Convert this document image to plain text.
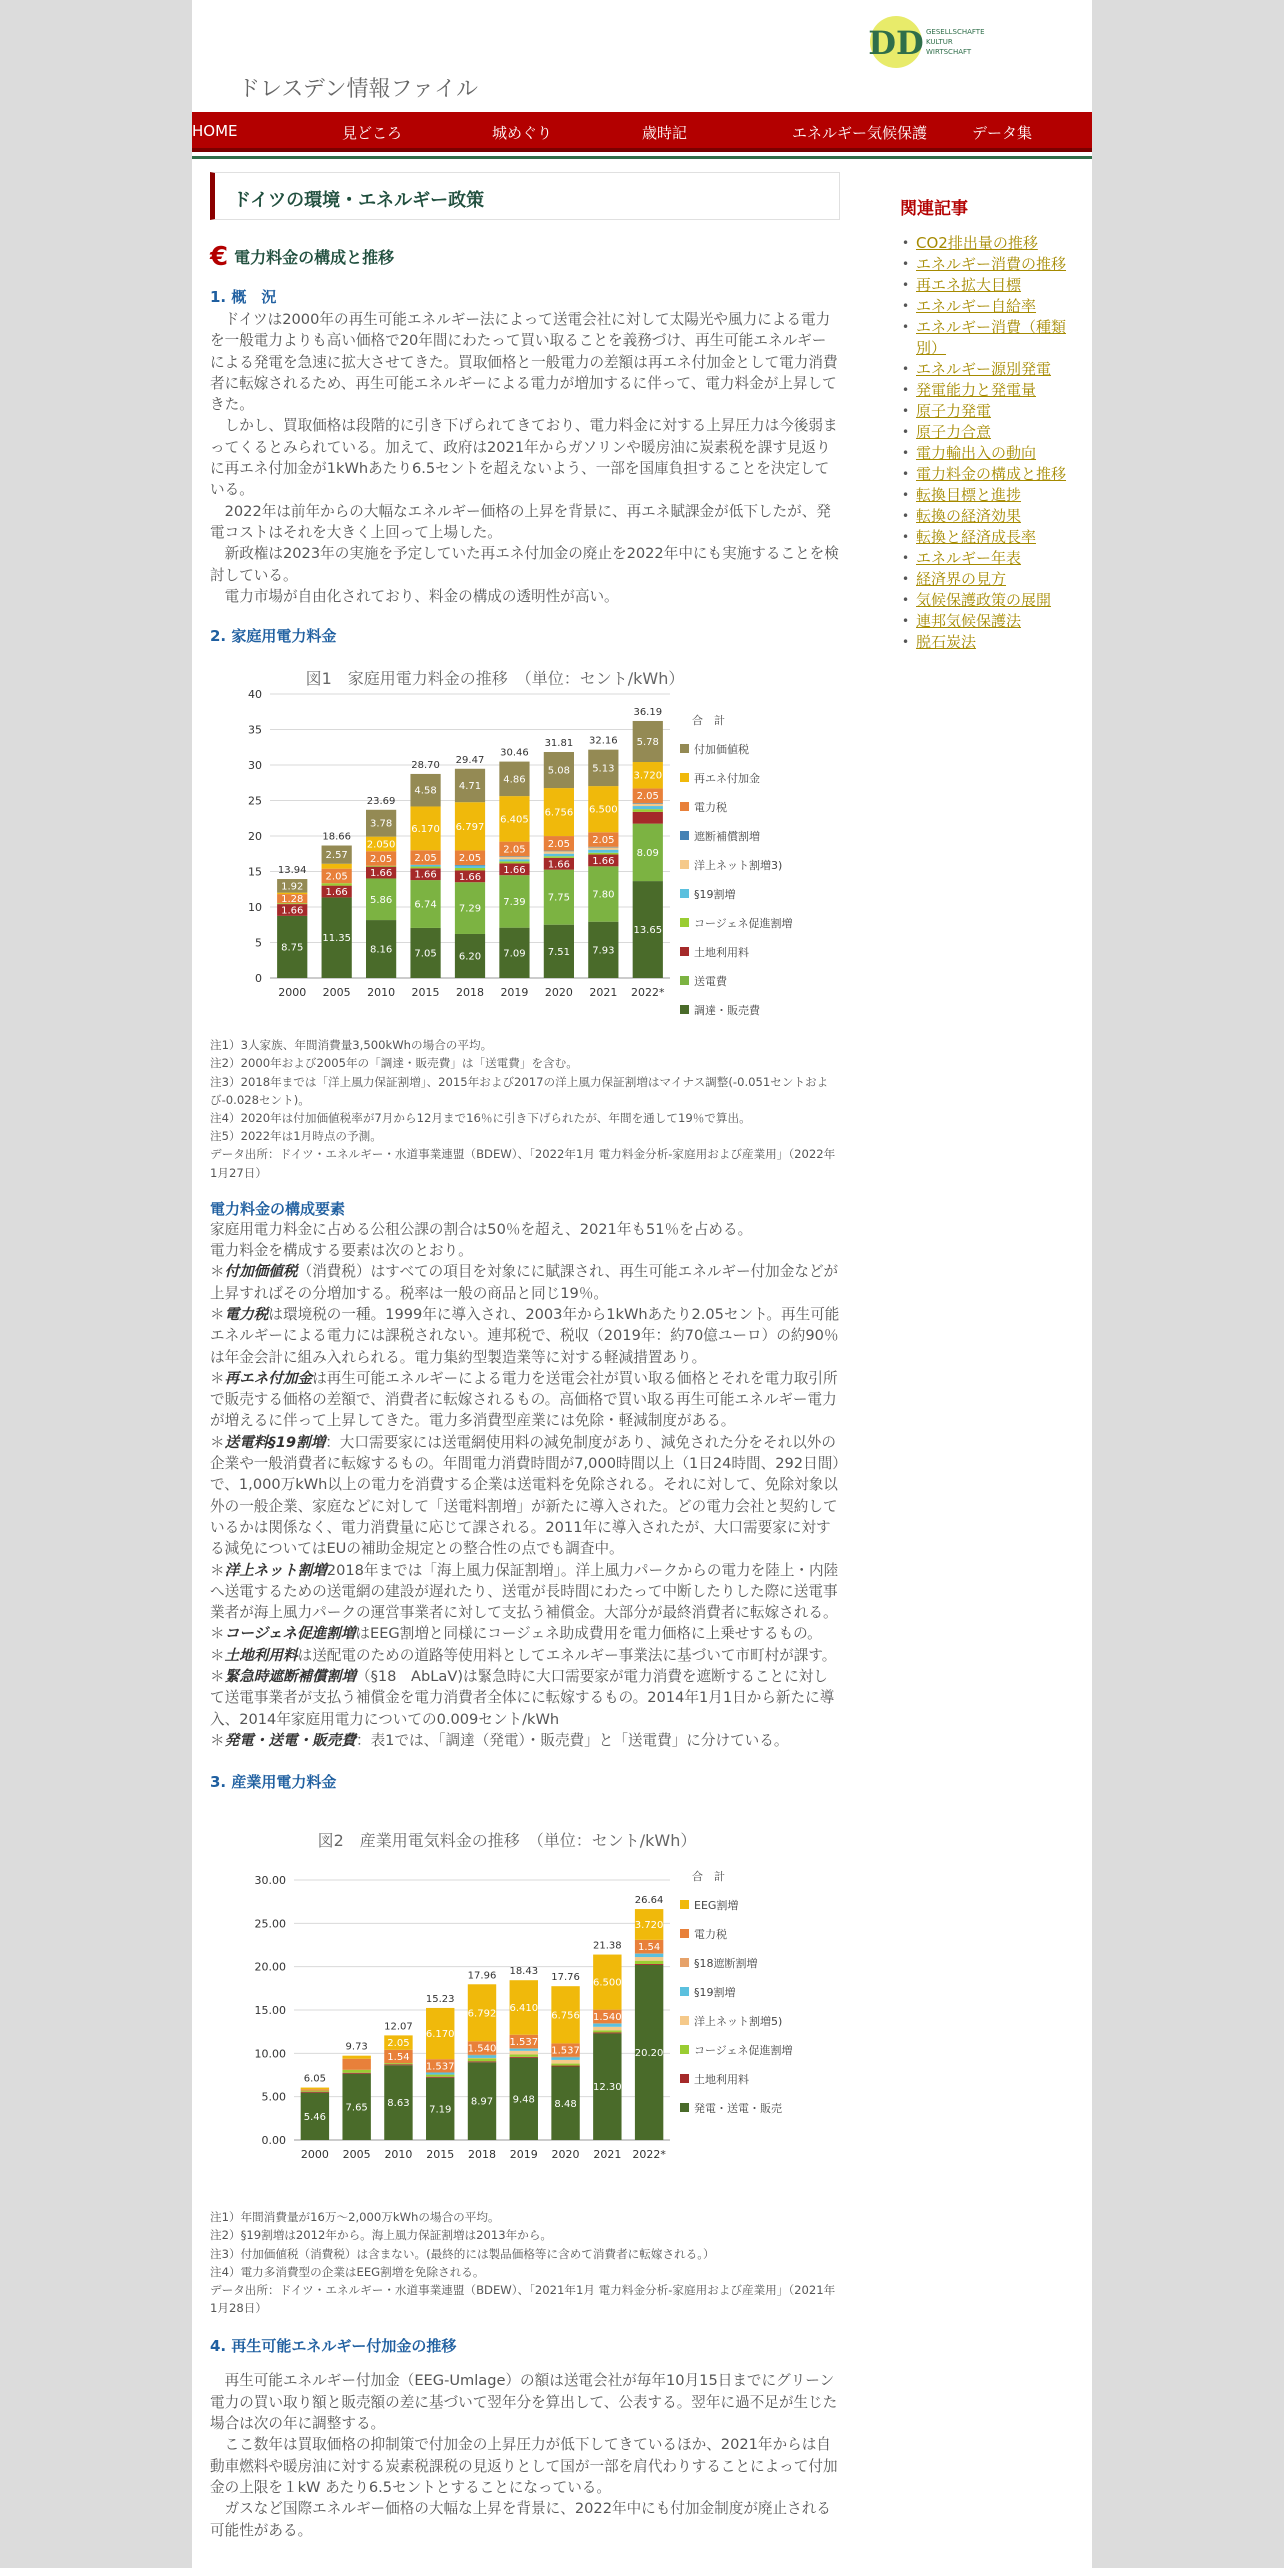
ドレスデン情報ファイル
DD GESELLSCHAFTE
KULTUR
WIRTSCHAFT
HOME	見どころ	城めぐり	歳時記	エネルギー気候保護	データ集
ドイツの環境・エネルギー政策
€ 電力料金の構成と推移
1. 概　況

ドイツは2000年の再生可能エネルギー法によって送電会社に対して太陽光や風力による電力を一般電力よりも高い価格で20年間にわたって買い取ることを義務づけ、再生可能エネルギーによる発電を急速に拡大させてきた。買取価格と一般電力の差額は再エネ付加金として電力消費者に転嫁されるため、再生可能エネルギーによる電力が増加するに伴って、電力料金が上昇してきた。

しかし、買取価格は段階的に引き下げられてきており、電力料金に対する上昇圧力は今後弱まってくるとみられている。加えて、政府は2021年からガソリンや暖房油に炭素税を課す見返りに再エネ付加金が1kWhあたり6.5セントを超えないよう、一部を国庫負担することを決定している。

2022年は前年からの大幅なエネルギー価格の上昇を背景に、再エネ賦課金が低下したが、発電コストはそれを大きく上回って上場した。

新政権は2023年の実施を予定していた再エネ付加金の廃止を2022年中にも実施することを検討している。

電力市場が自由化されており、料金の構成の透明性が高い。

2. 家庭用電力料金
図1　家庭用電力料金の推移　（単位：セント/kWh）
0
5
10
15
20
25
30
35
40
8.75
1.66
1.28
1.92
13.94
2000
11.35
1.66
2.05
2.57
18.66
2005
8.16
5.86
1.66
2.05
2.050
3.78
23.69
2010
7.05
6.74
1.66
2.05
6.170
4.58
28.70
2015
6.20
7.29
1.66
2.05
6.797
4.71
29.47
2018
7.09
7.39
1.66
2.05
6.405
4.86
30.46
2019
7.51
7.75
1.66
2.05
6.756
5.08
31.81
2020
7.93
7.80
1.66
2.05
6.500
5.13
32.16
2021
13.65
8.09
2.05
3.720
5.78
36.19
2022*
合　計
付加価値税
再エネ付加金
電力税
遮断補償割増
洋上ネット割増3)
§19割増
コージェネ促進割増
土地利用料
送電費
調達・販売費

注1）3人家族、年間消費量3,500kWhの場合の平均。

注2）2000年および2005年の「調達・販売費」は「送電費」を含む。

注3）2018年までは「洋上風力保証割増」、2015年および2017の洋上風力保証割増はマイナス調整(-0.051セントおよび-0.028セント)。

注4）2020年は付加価値税率が7月から12月まで16％に引き下げられたが、年間を通して19％で算出。

注5）2022年は1月時点の予測。

データ出所：ドイツ・エネルギー・水道事業連盟（BDEW）、「2022年1月 電力料金分析-家庭用および産業用」（2022年1月27日）

電力料金の構成要素

家庭用電力料金に占める公租公課の割合は50％を超え、2021年も51％を占める。

電力料金を構成する要素は次のとおり。

＊付加価値税（消費税）はすべての項目を対象にに賦課され、再生可能エネルギー付加金などが上昇すればその分増加する。税率は一般の商品と同じ19％。

＊電力税は環境税の一種。1999年に導入され、2003年から1kWhあたり2.05セント。再生可能エネルギーによる電力には課税されない。連邦税で、税収（2019年：約70億ユーロ）の約90％は年金会計に組み入れられる。電力集約型製造業等に対する軽減措置あり。

＊再エネ付加金は再生可能エネルギーによる電力を送電会社が買い取る価格とそれを電力取引所で販売する価格の差額で、消費者に転嫁されるもの。高価格で買い取る再生可能エネルギー電力が増えるに伴って上昇してきた。電力多消費型産業には免除・軽減制度がある。

＊送電料§19割増：大口需要家には送電網使用料の減免制度があり、減免された分をそれ以外の企業や一般消費者に転嫁するもの。年間電力消費時間が7,000時間以上（1日24時間、292日間）で、1,000万kWh以上の電力を消費する企業は送電料を免除される。それに対して、免除対象以外の一般企業、家庭などに対して「送電料割増」が新たに導入された。どの電力会社と契約しているかは関係なく、電力消費量に応じて課される。2011年に導入されたが、大口需要家に対する減免についてはEUの補助金規定との整合性の点でも調査中。

＊洋上ネット割増2018年までは「海上風力保証割増」。洋上風力パークからの電力を陸上・内陸へ送電するための送電網の建設が遅れたり、送電が長時間にわたって中断したりした際に送電事業者が海上風力パークの運営事業者に対して支払う補償金。大部分が最終消費者に転嫁される。

＊コージェネ促進割増はEEG割増と同様にコージェネ助成費用を電力価格に上乗せするもの。

＊土地利用料は送配電のための道路等使用料としてエネルギー事業法に基づいて市町村が課す。

＊緊急時遮断補償割増（§18　AbLaV)は緊急時に大口需要家が電力消費を遮断することに対して送電事業者が支払う補償金を電力消費者全体にに転嫁するもの。2014年1月1日から新たに導入、2014年家庭用電力についての0.009セント/kWh

＊発電・送電・販売費：表1では、「調達（発電）・販売費」と「送電費」に分けている。

3. 産業用電力料金
図2　産業用電気料金の推移　（単位：セント/kWh）
0.00
5.00
10.00
15.00
20.00
25.00
30.00
5.46
6.05
2000
7.65
9.73
2005
8.63
1.54
2.05
12.07
2010
7.19
1.537
6.170
15.23
2015
8.97
1.540
6.792
17.96
2018
9.48
1.537
6.410
18.43
2019
8.48
1.537
6.756
17.76
2020
12.30
1.540
6.500
21.38
2021
20.20
1.54
3.720
26.64
2022*
合　計
EEG割増
電力税
§18遮断割増
§19割増
洋上ネット割増5)
コージェネ促進割増
土地利用料
発電・送電・販売

注1）年間消費量が16万～2,000万kWhの場合の平均。

注2）§19割増は2012年から。海上風力保証割増は2013年から。

注3）付加価値税（消費税）は含まない。(最終的には製品価格等に含めて消費者に転嫁される。）

注4）電力多消費型の企業はEEG割増を免除される。

データ出所：ドイツ・エネルギー・水道事業連盟（BDEW）、「2021年1月 電力料金分析-家庭用および産業用」（2021年1月28日）

4. 再生可能エネルギー付加金の推移

再生可能エネルギー付加金（EEG-Umlage）の額は送電会社が毎年10月15日までにグリーン電力の買い取り額と販売額の差に基づいて翌年分を算出して、公表する。翌年に過不足が生じた場合は次の年に調整する。

ここ数年は買取価格の抑制策で付加金の上昇圧力が低下してきているほか、2021年からは自動車燃料や暖房油に対する炭素税課税の見返りとして国が一部を肩代わりすることによって付加金の上限を１kW あたり6.5セントとすることになっている。

ガスなど国際エネルギー価格の大幅な上昇を背景に、2022年中にも付加金制度が廃止される可能性がある。

関連記事
• CO2排出量の推移
• エネルギー消費の推移
• 再エネ拡大目標
• エネルギー自給率
• エネルギー消費（種類別）
• エネルギー源別発電
• 発電能力と発電量
• 原子力発電
• 原子力合意
• 電力輸出入の動向
• 電力料金の構成と推移
• 転換目標と進捗
• 転換の経済効果
• 転換と経済成長率
• エネルギー年表
• 経済界の見方
• 気候保護政策の展開
• 連邦気候保護法
• 脱石炭法
